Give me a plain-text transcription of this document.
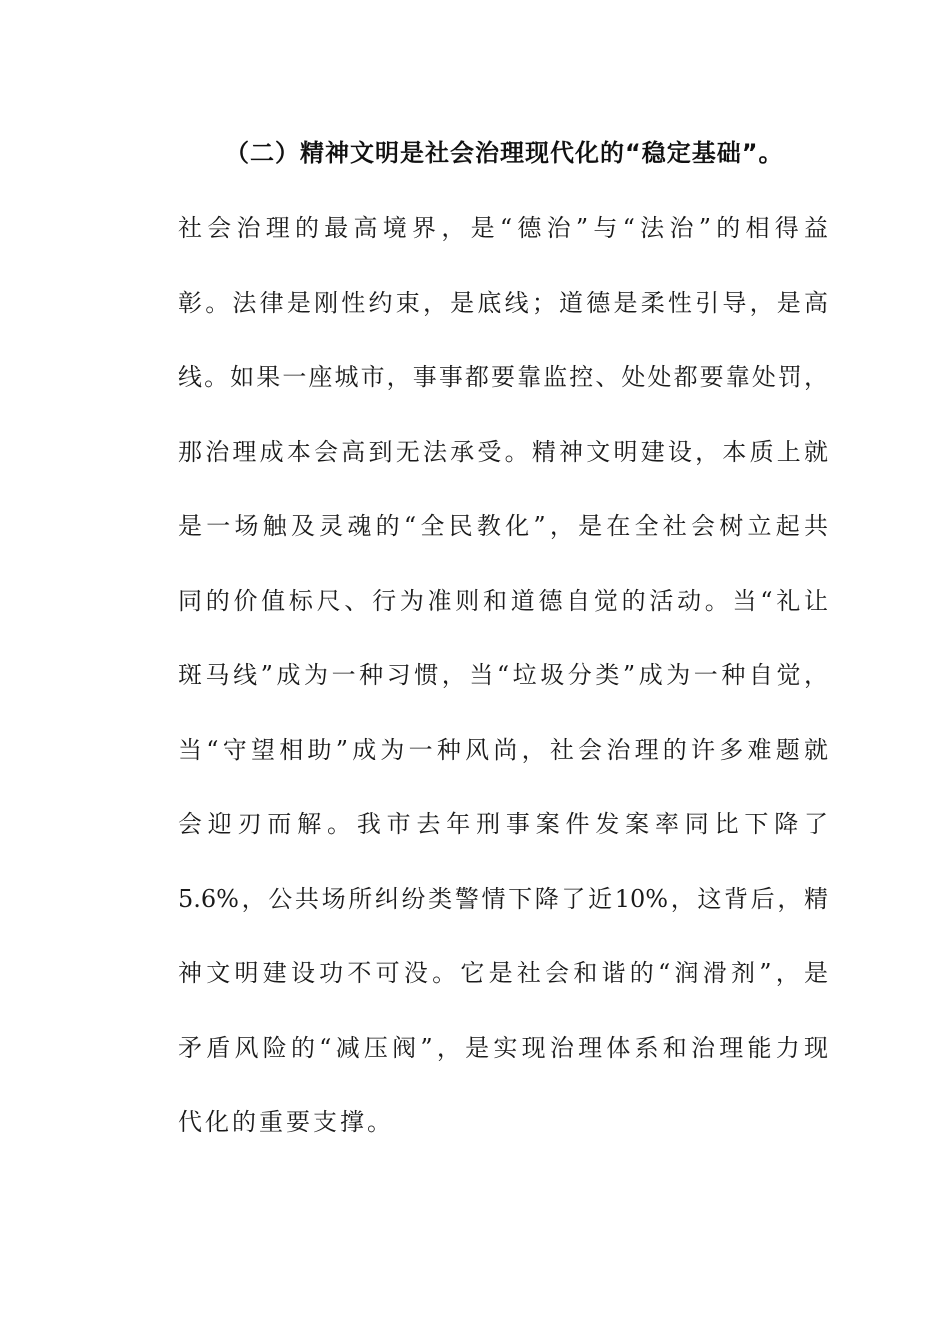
（二）精神文明是社会治理现代化的“稳定基础”。
社会治理的最高境界，是“德治”与“法治”的相得益
彰。法律是刚性约束，是底线；道德是柔性引导，是高
线。如果一座城市，事事都要靠监控、处处都要靠处罚，
那治理成本会高到无法承受。精神文明建设，本质上就
是一场触及灵魂的“全民教化”，是在全社会树立起共
同的价值标尺、行为准则和道德自觉的活动。当“礼让
斑马线”成为一种习惯，当“垃圾分类”成为一种自觉，
当“守望相助”成为一种风尚，社会治理的许多难题就
会迎刃而解。我市去年刑事案件发案率同比下降了
5.6%，公共场所纠纷类警情下降了近10%，这背后，精
神文明建设功不可没。它是社会和谐的“润滑剂”，是
矛盾风险的“减压阀”，是实现治理体系和治理能力现
代化的重要支撑。
